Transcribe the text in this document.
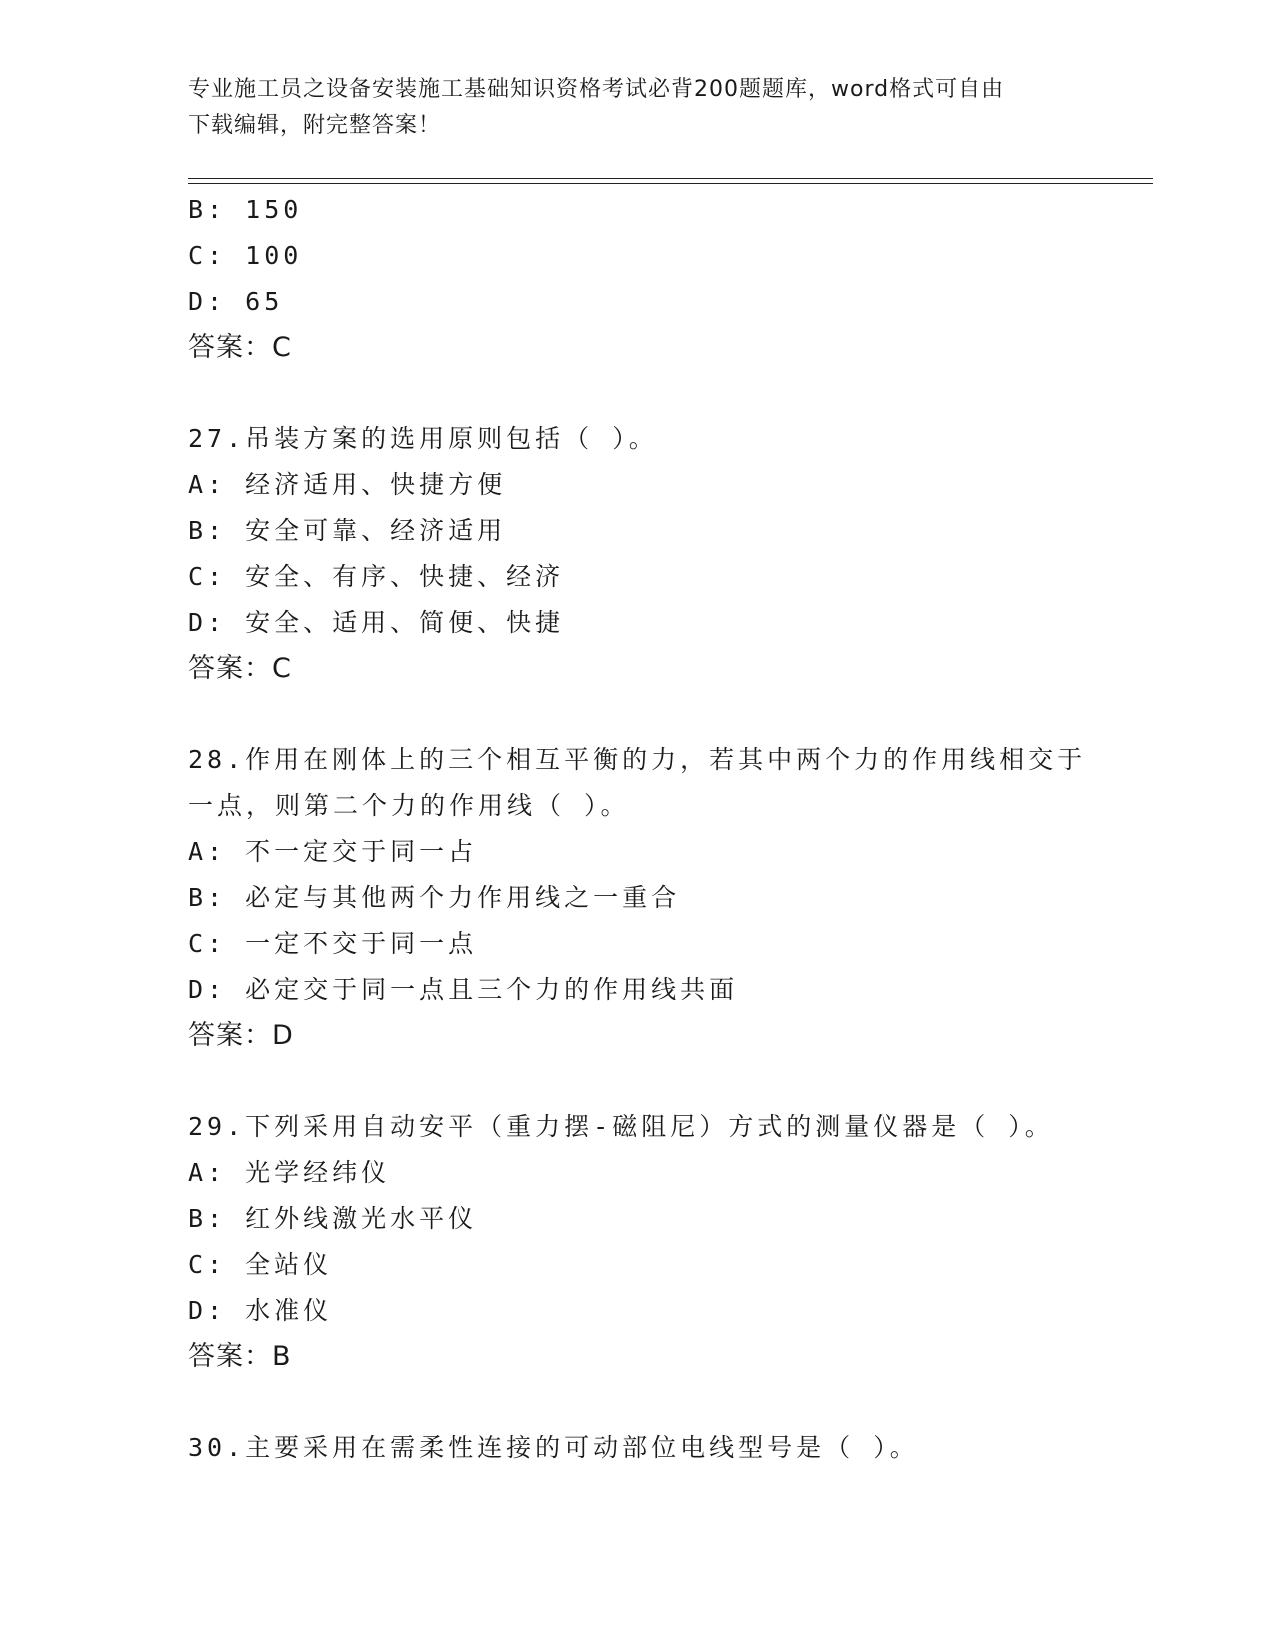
专业施工员之设备安装施工基础知识资格考试必背200题题库，word格式可自由
下载编辑，附完整答案！
B: 150
C: 100
D: 65
答案：C
27.吊装方案的选用原则包括（ ）。
A: 经济适用、快捷方便
B: 安全可靠、经济适用
C: 安全、有序、快捷、经济
D: 安全、适用、简便、快捷
答案：C
28.作用在刚体上的三个相互平衡的力，若其中两个力的作用线相交于
一点，则第二个力的作用线（ ）。
A: 不一定交于同一占
B: 必定与其他两个力作用线之一重合
C: 一定不交于同一点
D: 必定交于同一点且三个力的作用线共面
答案：D
29.下列采用自动安平（重力摆-磁阻尼）方式的测量仪器是（ ）。
A: 光学经纬仪
B: 红外线激光水平仪
C: 全站仪
D: 水准仪
答案：B
30.主要采用在需柔性连接的可动部位电线型号是（ ）。
